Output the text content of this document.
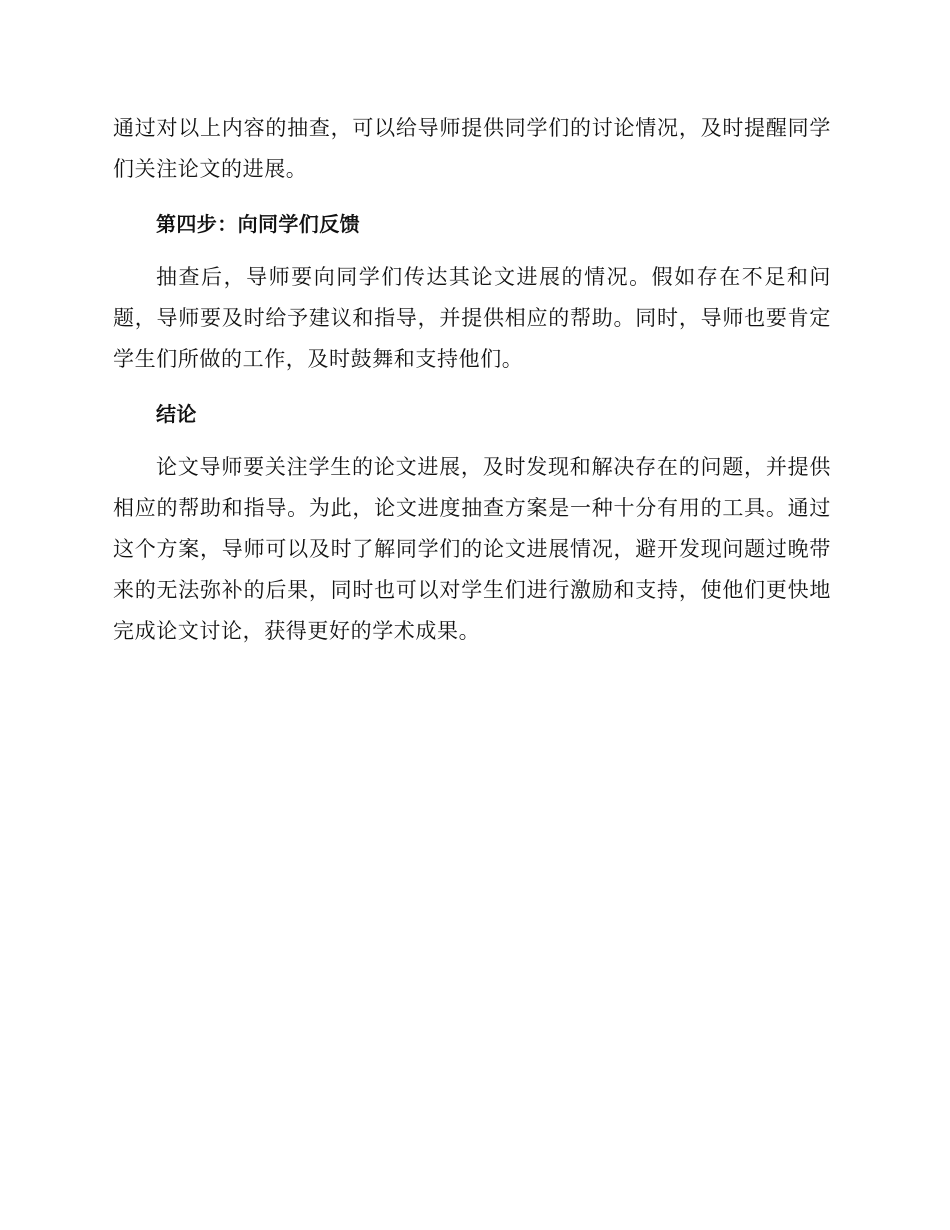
通过对以上内容的抽查，可以给导师提供同学们的讨论情况，及时提醒同学们关注论文的进展。

第四步：向同学们反馈

抽查后，导师要向同学们传达其论文进展的情况。假如存在不足和问题，导师要及时给予建议和指导，并提供相应的帮助。同时，导师也要肯定学生们所做的工作，及时鼓舞和支持他们。

结论

论文导师要关注学生的论文进展，及时发现和解决存在的问题，并提供相应的帮助和指导。为此，论文进度抽查方案是一种十分有用的工具。通过这个方案，导师可以及时了解同学们的论文进展情况，避开发现问题过晚带来的无法弥补的后果，同时也可以对学生们进行激励和支持，使他们更快地完成论文讨论，获得更好的学术成果。
